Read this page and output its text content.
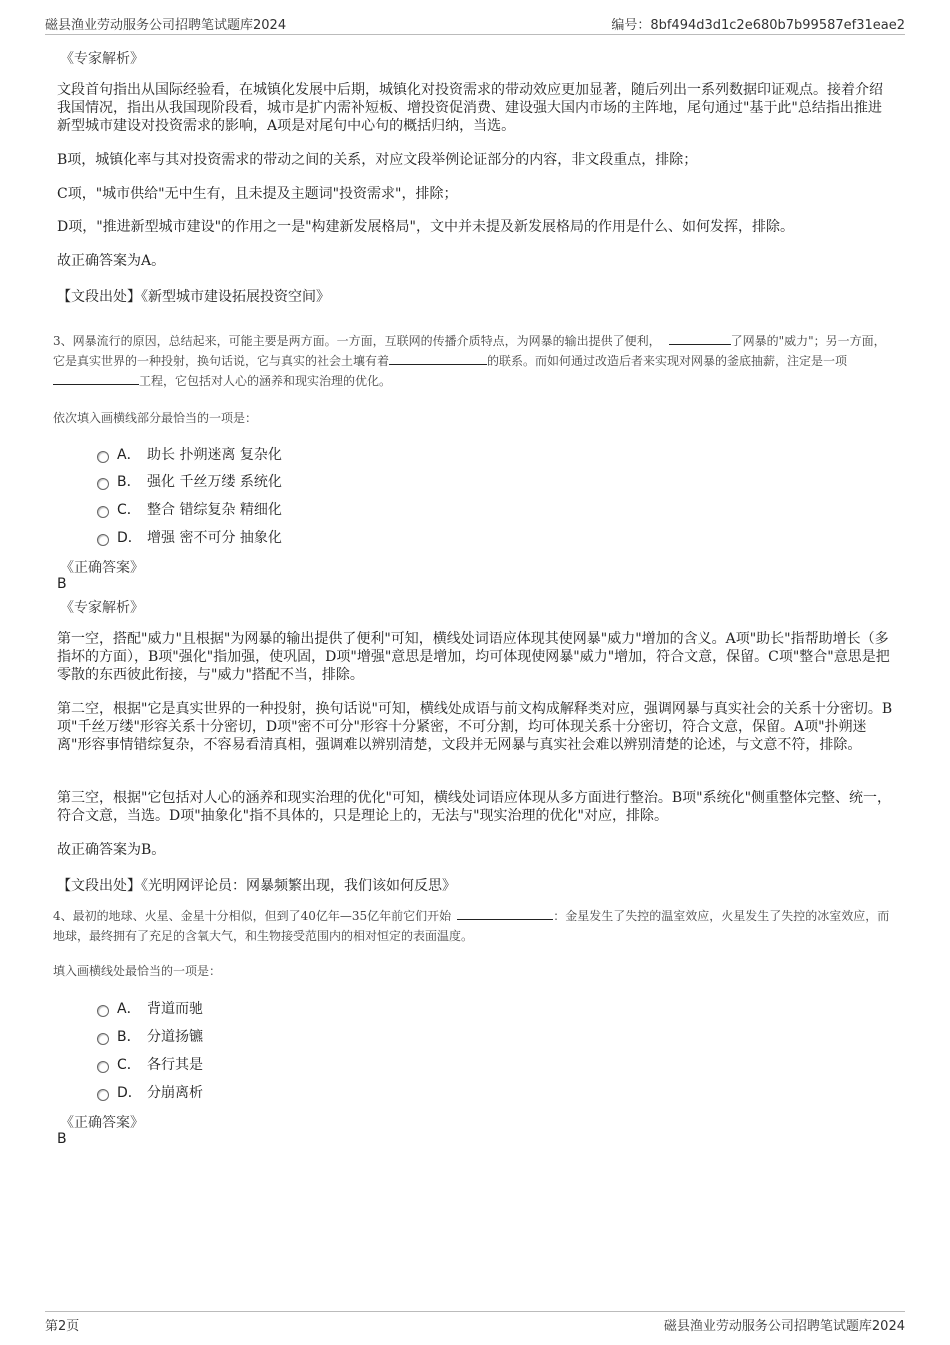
磁县渔业劳动服务公司招聘笔试题库2024	编号：8bf494d3d1c2e680b7b99587ef31eae2
《专家解析》
文段首句指出从国际经验看，在城镇化发展中后期，城镇化对投资需求的带动效应更加显著，随后列出一系列数据印证观点。接着介绍我国情况，指出从我国现阶段看，城市是扩内需补短板、增投资促消费、建设强大国内市场的主阵地，尾句通过"基于此"总结指出推进新型城市建设对投资需求的影响，A项是对尾句中心句的概括归纳，当选。
B项，城镇化率与其对投资需求的带动之间的关系，对应文段举例论证部分的内容，非文段重点，排除；
C项，"城市供给"无中生有，且未提及主题词"投资需求"，排除；
D项，"推进新型城市建设"的作用之一是"构建新发展格局"，文中并未提及新发展格局的作用是什么、如何发挥，排除。
故正确答案为A。
【文段出处】《新型城市建设拓展投资空间》
3、网暴流行的原因，总结起来，可能主要是两方面。一方面，互联网的传播介质特点，为网暴的输出提供了便利，	了网暴的"威力"；另一方面，它是真实世界的一种投射，换句话说，它与真实的社会土壤有着	的联系。而如何通过改造后者来实现对网暴的釜底抽薪，注定是一项工程，它包括对人心的涵养和现实治理的优化。
依次填入画横线部分最恰当的一项是：
A． 助长 扑朔迷离 复杂化
B． 强化 千丝万缕 系统化
C． 整合 错综复杂 精细化
D． 增强 密不可分 抽象化
《正确答案》
B
《专家解析》
第一空，搭配"威力"且根据"为网暴的输出提供了便利"可知，横线处词语应体现其使网暴"威力"增加的含义。A项"助长"指帮助增长（多指坏的方面），B项"强化"指加强，使巩固，D项"增强"意思是增加，均可体现使网暴"威力"增加，符合文意，保留。C项"整合"意思是把零散的东西彼此衔接，与"威力"搭配不当，排除。
第二空，根据"它是真实世界的一种投射，换句话说"可知，横线处成语与前文构成解释类对应，强调网暴与真实社会的关系十分密切。B项"千丝万缕"形容关系十分密切，D项"密不可分"形容十分紧密，不可分割，均可体现关系十分密切，符合文意，保留。A项"扑朔迷离"形容事情错综复杂，不容易看清真相，强调难以辨别清楚，文段并无网暴与真实社会难以辨别清楚的论述，与文意不符，排除。
第三空，根据"它包括对人心的涵养和现实治理的优化"可知，横线处词语应体现从多方面进行整治。B项"系统化"侧重整体完整、统一，符合文意，当选。D项"抽象化"指不具体的，只是理论上的，无法与"现实治理的优化"对应，排除。
故正确答案为B。
【文段出处】《光明网评论员：网暴频繁出现，我们该如何反思》
4、最初的地球、火星、金星十分相似，但到了40亿年—35亿年前它们开始	：金星发生了失控的温室效应，火星发生了失控的冰室效应，而地球，最终拥有了充足的含氧大气，和生物接受范围内的相对恒定的表面温度。
填入画横线处最恰当的一项是：
A． 背道而驰
B． 分道扬镳
C． 各行其是
D． 分崩离析
《正确答案》
B
第2页	磁县渔业劳动服务公司招聘笔试题库2024
